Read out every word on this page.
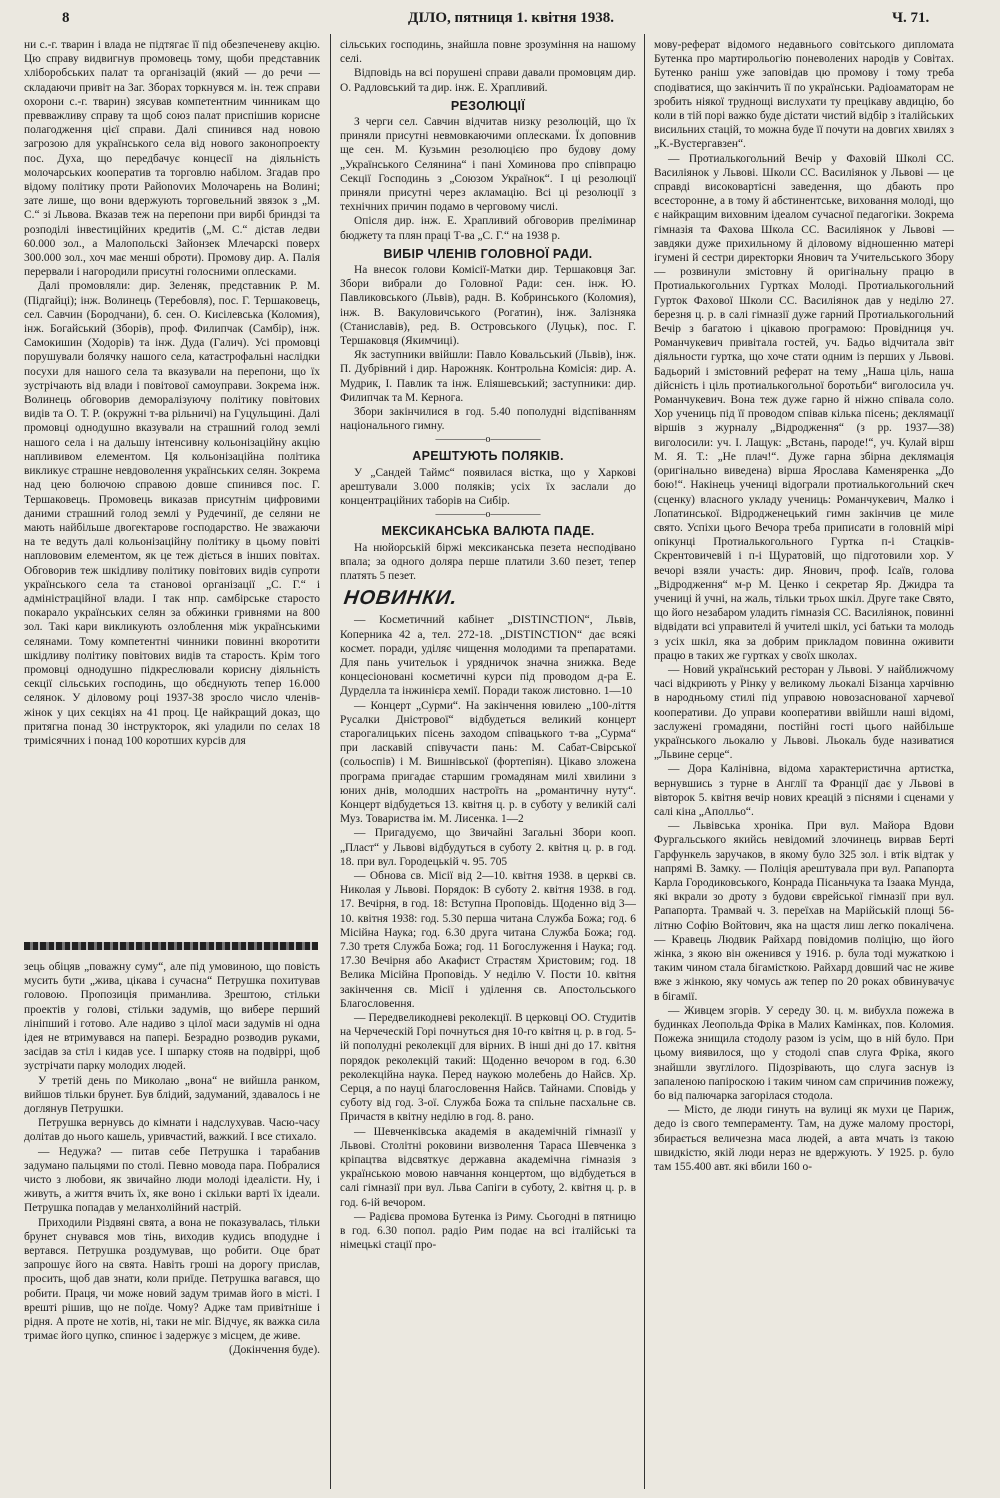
8	ДІЛО, пятниця 1. квітня 1938.	Ч. 71.

ни с.-г. тварин і влада не підтягає її під обезпеченеву акцію. Цю справу видвигнув промовець тому, щоби представник хліборобських палат та організацій (який — до речи — складаючи привіт на Заг. Зборах торкнувся м. ін. теж справи охорони с.-г. тварин) зясував компетентним чинникам що превважливу справу та щоб союз палат приспішив корисне полагодження цієї справи. Далі спинився над новою загрозою для українського села від нового законопроекту пос. Духа, що передбачує концесії на діяльність молочарських кооператив та торговлю набілом. Згадав про відому політику проти Райоnovих Молочарень на Волині; зате лише, що вони вдержують торговельний звязок з „М. С.“ зі Львова. Вказав теж на перепони при вирбі бриндзі та розподілі інвестиційних кредитів („М. С.“ дістав ледви 60.000 зол., а Малопольскі Зайонзек Млечарскі поверх 300.000 зол., хоч має менші оброти). Промову дир. А. Палія перервали і нагородили присутні голосними оплесками.

Далі промовляли: дир. Зеленяк, представник Р. М. (Підгайці); інж. Волинець (Теребовля), пос. Г. Тершаковець, сел. Савчин (Бородчани), б. сен. О. Кисілевська (Коломия), інж. Богайський (Зборів), проф. Филипчак (Самбір), інж. Самокишин (Ходорів) та інж. Дуда (Галич). Усі промовці порушували болячку нашого села, катастрофальні наслідки посухи для нашого села та вказували на перепони, що їх зустрічають від влади і повітової самоуправи. Зокрема інж. Волинець обговорив деморалізуючу політику повітових видів та О. Т. Р. (окружні т-ва рільничі) на Гуцульщині. Далі промовці однодушно вказували на страшний голод землі нашого села і на дальшу інтенсивну кольонізаційну акцію наплививом елементом. Ця кольонізаційна політика викликує страшне невдоволення українських селян. Зокрема над цею болючою справою довше спинився пос. Г. Тершаковець. Промовець виказав присутнім цифровими даними страшний голод землі у Рудечинії, де селяни не мають найбільше двогектарове господарство. Не зважаючи на те ведуть далі кольонізаційну політику в цьому повіті наплововим елементом, як це теж діється в інших повітах. Обговорив теж шкідливу політику повітових видів супроти українського села та становоi організації „С. Г.“ і адміністраційної влади. І так нпр. самбірське старосто покарало українських селян за обжинки гривнями на 800 зол. Такі кари викликують озлоблення між українськими селянами. Тому компетентні чинники повинні вкоротити шкідливу політику повітових видів та старость. Крім того промовці однодушно підкреслювали корисну діяльність секції сільських господинь, що обєднують тепер 16.000 селянок. У діловому році 1937-38 зросло число членів-жінок у цих секціях на 41 проц. Це найкращий доказ, що притягна понад 30 інструкторок, які уладили по селах 18 тримісячних і понад 100 коротших курсів для

зець обіцяв „поважну суму“, але під умовиною, що повість мусить бути „жива, цікава і сучасна“ Петрушка похитував головою. Пропозиція приманлива. Зрештою, стільки проектів у голові, стільки задумів, що вибере перший лініпший і готово. Але надиво з цілої маси задумів ні одна ідея не втримувався на папері. Безрадно розводив руками, засідав за стіл і кидав усе. І шпарку стояв на подвіррі, щоб зустрічати парку молодих людей.

У третій день по Миколаю „вона“ не вийшла ранком, вийшов тільки брунет. Був блідий, задуманий, здавалось і не доглянув Петрушки.

Петрушка вернувсь до кімнати і надслухував. Часю-часу долітав до нього кашель, уривчастий, важкий. І все стихало.

— Недужа? — питав себе Петрушка і тарабанив задумано пальцями по столі. Певно мовода пара. Побралися чисто з любови, як звичайно люди молоді ідеалісти. Ну, і живуть, а життя вчить їх, яке воно і скільки варті їх ідеали. Петрушка попадав у меланхолійний настрій.

Приходили Різдвяні свята, а вона не показувалась, тільки брунет снувався мов тінь, виходив кудись вподудне і вертався. Петрушка роздумував, що робити. Оце брат запрошує його на свята. Навіть гроші на дорогу прислав, просить, щоб дав знати, коли приїде. Петрушка вагався, що робити. Праця, чи може новий задум тримав його в місті. І врешті рішив, що не поїде. Чому? Адже там привітніше і рідня. А проте не хотів, ні, таки не міг. Відчує, як важка сила тримає його цупко, спинює і задержує з місцем, де живе.

(Докінчення буде).

сільських господинь, знайшла повне зрозуміння на нашому селі.

Відповідь на всі порушені справи давали промовцям дир. О. Радловський та дир. інж. Е. Храпливий.

РЕЗОЛЮЦІЇ

З черги сел. Савчин відчитав низку резолюцій, що їх приняли присутні невмовкаючими оплесками. Їх доповнив ще сен. М. Кузьмин резолюцією про будову дому „Українського Селянина“ і пані Хоминова про співпрацю Секції Господинь з „Союзом Українок“. І ці резолюції приняли присутні через акламацію. Всі цi резолюції з технічних причин подамо в черговому числі.

Опісля дир. інж. Е. Храпливий обговорив преліминар бюджету та плян праці Т-ва „С. Г.“ на 1938 р.

ВИБІР ЧЛЕНІВ ГОЛОВНОЇ РАДИ.

На внесок голови Комісії-Матки дир. Тершаковця Заг. Збори вибрали до Головної Ради: сен. інж. Ю. Павликовського (Львів), радн. В. Кобринського (Коломия), інж. В. Вакуловичського (Рогатин), інж. Залізняка (Станиславів), ред. В. Островського (Луцьк), пос. Г. Тершаковця (Якимчиці).

Як заступники ввійшли: Павло Ковальський (Львів), інж. П. Дубрівний і дир. Нарожняк. Контрольна Комісія: дир. А. Мудрик, І. Павлик та інж. Еліяшевський; заступники: дир. Филипчак та М. Кернога.

Збори закінчилися в год. 5.40 пополудні відспіванням національного гимну.

—————o—————
АРЕШТУЮТЬ ПОЛЯКІВ.

У „Сандей Таймс“ появилася вістка, що у Харкові арештували 3.000 поляків; усіх їх заслали до концентраційних таборів на Сибір.

—————o—————
МЕКСИКАНСЬКА ВАЛЮТА ПАДЕ.

На нюйорській біржі мексиканська пезета несподівано впала; за одного доляра перше платили 3.60 пезет, тепер платять 5 пезет.

НОВИНКИ.

— Косметичний кабінет „DISTINCTION“, Львів, Коперника 42 а, тел. 272-18. „DISTINCTION“ дає всякі космет. поради, уділяє чищення молодими та препаратами. Для пань учительок і урядничок значна знижка. Веде концесіоновані косметичні курси під проводом д-ра Е. Дурделла та інжинієра хемії. Поради також листовно. 1—10

— Концерт „Сурми“. На закінчення ювилею „100-ліття Русалки Дністрової“ відбудеться великий концерт старогалицьких пісень заходом співацького т-ва „Сурма“ при ласкавій співучасти пань: М. Сабат-Свірської (сольоспів) і М. Вишнівської (фортепіян). Цікаво зложена програма пригадає старшим громадянам милі хвилини з юних днів, молодших настроїть на „романтичну нуту“. Концерт відбудеться 13. квітня ц. р. в суботу у великій салі Муз. Товариства ім. М. Лисенка. 1—2

— Пригадуємо, що Звичайні Загальні Збори кооп. „Пласт“ у Львові відбудуться в суботу 2. квітня ц. р. в год. 18. при вул. Городецькій ч. 95. 705

— Обнова св. Місії від 2—10. квітня 1938. в церкві св. Николая у Львові. Порядок: В суботу 2. квітня 1938. в год. 17. Вечірня, в год. 18: Вступна Проповідь. Щоденно від 3—10. квітня 1938: год. 5.30 перша читана Служба Божа; год. 6 Місійна Наука; год. 6.30 друга читана Служба Божа; год. 7.30 третя Служба Божа; год. 11 Богослуження і Наука; год. 17.30 Вечірня або Акафист Страстям Христовим; год. 18 Велика Місійна Проповідь. У неділю V. Пости 10. квітня закінчення св. Місії і уділення св. Апостольського Благословення.

— Передвеликодневі реколекції. В церковці ОО. Студитів на Черчеческій Горі почнуться дня 10-го квітня ц. р. в год. 5-ій пополудні реколекції для вірних. В інші дні до 17. квітня порядок реколекцій такий: Щоденно вечором в год. 6.30 реколекційна наука. Перед наукою молебень до Найсв. Хр. Серця, а по науці благословення Найсв. Тайнами. Сповідь у суботу від год. 3-ої. Служба Божа та спільне пасхальне св. Причастя в квітну неділю в год. 8. рано.

— Шевченківська академія в академічній гімназії у Львові. Столітні роковини визволення Тараса Шевченка з кріпацтва відсвяткує державна академічна гімназія з українською мовою навчання концертом, що відбудеться в салі гімназії при вул. Льва Сапіги в суботу, 2. квітня ц. р. в год. 6-ій вечором.

— Радієва промова Бутенка із Риму. Сьогодні в пятницю в год. 6.30 попол. радіо Рим подає на всі італійські та німецькі стації про-

мову-реферат відомого недавнього совітського дипломата Бутенка про мартирольогію поневолених народів у Совітах. Бутенко раніш уже заповідав цю промову і тому треба сподіватися, що закінчить її по українськи. Радіоаматорам не зробить ніякої труднощі вислухати ту прецікаву авдицію, бо коли в тій порі важко буде дістати чистий відбір з італійських висильних стацій, то можна буде її почути на довгих хвилях з „К.-Вустергавзен“.

— Протиалькогольний Вечір у Фаховій Школі СС. Василіянок у Львові. Школи СС. Василіянок у Львові — це справді високовартісні заведення, що дбають про всесторонне, а в тому й абстинентське, виховання молоді, що є найкращим виховним ідеалом сучасної педагогіки. Зокрема гімназія та Фахова Школа СС. Василіянок у Львові — завдяки дуже прихильному й діловому відношенню матері ігумені й сестри директорки Янович та Учительського Збору — розвинули змістовну й оригінальну працю в Протиалькогольних Гуртках Молоді. Протиалькогольний Гурток Фахової Школи СС. Василіянок дав у неділю 27. березня ц. р. в салі гімназії дуже гарний Протиалькогольний Вечір з багатою і цікавою програмою: Провідниця уч. Романчукевич привітала гостей, уч. Бадьо відчитала звіт діяльности гуртка, що хоче стати одним із перших у Львові. Бадьорий і змістовний реферат на тему „Наша ціль, наша дійсність і ціль протиалькогольної боротьби“ виголосила уч. Романчукевич. Вона теж дуже гарно й ніжно співала соло. Хор учениць під її проводом співав кілька пісень; деклямації віршів з журналу „Відродження“ (з рр. 1937—38) виголосили: уч. І. Лащук: „Встань, пароде!“, уч. Кулай вірш М. Я. Т.: „Не плач!“. Дуже гарна збірна деклямація (оригінально виведена) вірша Ярослава Каменяренка „До бою!“. Накінець учениці відограли протиалькогольний скеч (сценку) власного укладу учениць: Романчукевич, Малко і Лопатинської. Відродженецький гимн закінчив це миле свято. Успіхи цього Вечора треба приписати в головній мірі опікунці Протиалькогольного Гуртка п-і Стацків-Скрентовичевій і п-і Щуратовій, що підготовили хор. У вечорі взяли участь: дир. Янович, проф. Ісаїв, голова „Відродження“ м-р М. Ценко і секретар Яр. Джидра та учениці й учні, на жаль, тільки трьох шкіл. Друге таке Свято, що його незабаром уладить гімназія СС. Василіянок, повинні відвідати всі управителі й учителі шкіл, усі батьки та молодь з усіх шкіл, яка за добрим прикладом повинна оживити працю в таких же гуртках у своїх школах.

— Новий український ресторан у Львові. У найближчому часі відкриють у Рінку у великому льокалі Бізанца харчівню в народньому стилі під управою новозаснованої харчевої кооперативи. До управи кооперативи ввійшли наші відомі, заслужені громадяни, постійні гості цього найбільше українського льокалю у Львові. Льокаль буде називатися „Львине серце“.

— Дора Калінівна, відома характеристична артистка, вернувшись з турне в Англії та Франції дає у Львові в вівторок 5. квітня вечір нових креацій з піснями і сценами у салі кіна „Аполльо“.

— Львівська хроніка. При вул. Майора Вдови Фургальського якийсь невідомий злочинець вирвав Берті Гарфункель заручаков, в якому було 325 зол. і втік відтак у напрямі В. Замку. — Поліція арештувала при вул. Рапапорта Карла Городиковського, Конрада Пісаньчука та Ізаака Мунда, які вкрали зо дроту з будови єврейської гімназії при вул. Рапапорта. Трамвай ч. 3. переїхав на Марійській площі 56-літню Софію Войтович, яка на щастя лиш легко покалічена. — Кравець Людвик Райхард повідомив поліцію, що його жінка, з якою він оженився у 1916. р. була тоді мужаткою і таким чином стала бігамісткою. Райхард довший час не живе вже з жінкою, яку чомусь аж тепер по 20 роках обвинувачує в бігамії.

— Живцем згорів. У середу 30. ц. м. вибухла пожежа в будинках Леопольда Фріка в Малих Камінках, пов. Коломия. Пожежа знищила стодолу разом із усім, що в ній було. При цьому виявилося, що у стодолі спав слуга Фріка, якого знайшли звуглілого. Підозрівають, що слуга заснув із запаленою папіроскою і таким чином сам спричинив пожежу, бо від палючарка загорілася стодола.

— Місто, де люди гинуть на вулиці як мухи це Париж, дедо із свого темпераменту. Там, на дуже малому просторі, збирається величезна маса людей, а авта мчать із такою швидкістю, якій люди нераз не вдержують. У 1925. р. було там 155.400 авт. які вбили 160 о-
